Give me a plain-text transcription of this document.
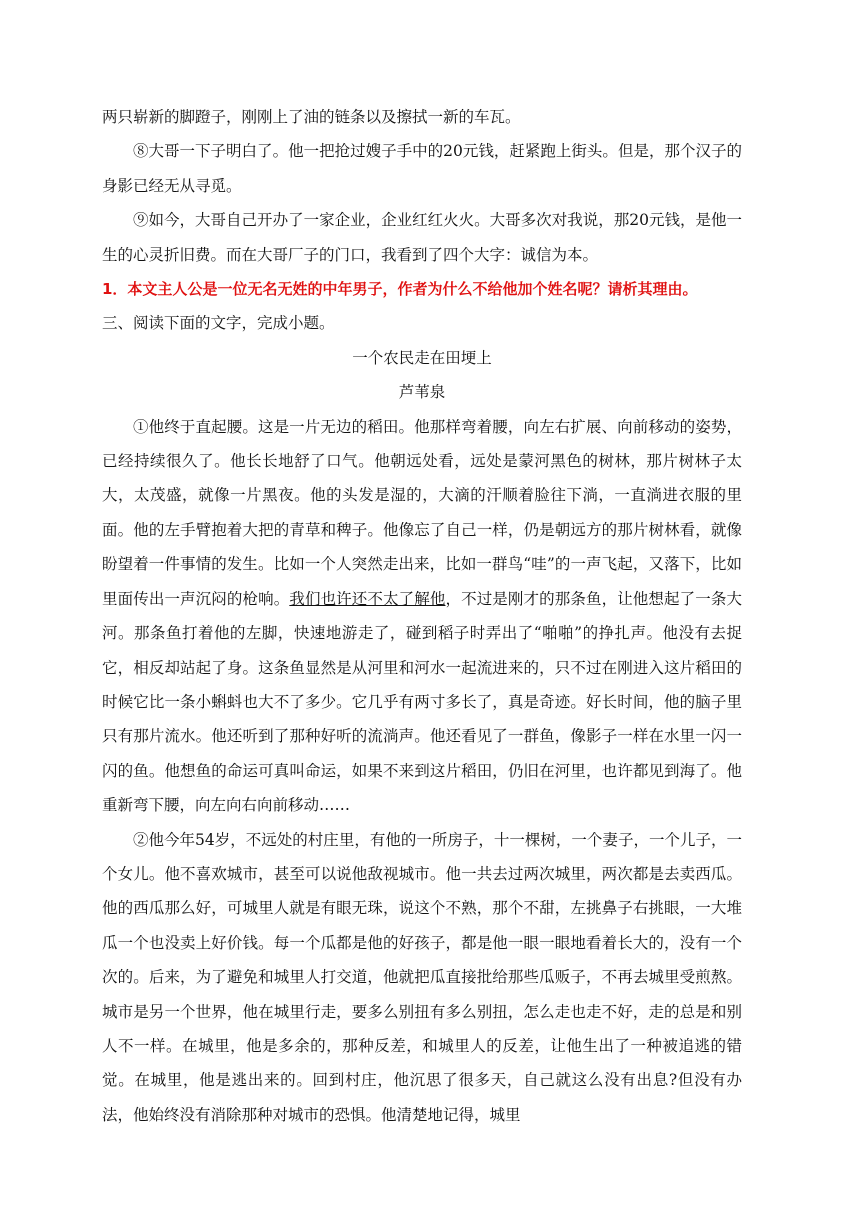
两只崭新的脚蹬子，刚刚上了油的链条以及擦拭一新的车瓦。

⑧大哥一下子明白了。他一把抢过嫂子手中的20元钱，赶紧跑上街头。但是，那个汉子的身影已经无从寻觅。

⑨如今，大哥自己开办了一家企业，企业红红火火。大哥多次对我说，那20元钱，是他一生的心灵折旧费。而在大哥厂子的门口，我看到了四个大字：诚信为本。

1．本文主人公是一位无名无姓的中年男子，作者为什么不给他加个姓名呢？请析其理由。

三、阅读下面的文字，完成小题。

一个农民走在田埂上

芦苇泉

①他终于直起腰。这是一片无边的稻田。他那样弯着腰，向左右扩展、向前移动的姿势，已经持续很久了。他长长地舒了口气。他朝远处看，远处是蒙河黑色的树林，那片树林子太大，太茂盛，就像一片黑夜。他的头发是湿的，大滴的汗顺着脸往下淌，一直淌进衣服的里面。他的左手臂抱着大把的青草和稗子。他像忘了自己一样，仍是朝远方的那片树林看，就像盼望着一件事情的发生。比如一个人突然走出来，比如一群鸟“哇”的一声飞起，又落下，比如里面传出一声沉闷的枪响。我们也许还不太了解他，不过是刚才的那条鱼，让他想起了一条大河。那条鱼打着他的左脚，快速地游走了，碰到稻子时弄出了“啪啪”的挣扎声。他没有去捉它，相反却站起了身。这条鱼显然是从河里和河水一起流进来的，只不过在刚进入这片稻田的时候它比一条小蝌蚪也大不了多少。它几乎有两寸多长了，真是奇迹。好长时间，他的脑子里只有那片流水。他还听到了那种好听的流淌声。他还看见了一群鱼，像影子一样在水里一闪一闪的鱼。他想鱼的命运可真叫命运，如果不来到这片稻田，仍旧在河里，也许都见到海了。他重新弯下腰，向左向右向前移动……

②他今年54岁，不远处的村庄里，有他的一所房子，十一棵树，一个妻子，一个儿子，一个女儿。他不喜欢城市，甚至可以说他敌视城市。他一共去过两次城里，两次都是去卖西瓜。他的西瓜那么好，可城里人就是有眼无珠，说这个不熟，那个不甜，左挑鼻子右挑眼，一大堆瓜一个也没卖上好价钱。每一个瓜都是他的好孩子，都是他一眼一眼地看着长大的，没有一个次的。后来，为了避免和城里人打交道，他就把瓜直接批给那些瓜贩子，不再去城里受煎熬。城市是另一个世界，他在城里行走，要多么别扭有多么别扭，怎么走也走不好，走的总是和别人不一样。在城里，他是多余的，那种反差，和城里人的反差，让他生出了一种被追逃的错觉。在城里，他是逃出来的。回到村庄，他沉思了很多天，自己就这么没有出息?但没有办法，他始终没有消除那种对城市的恐惧。他清楚地记得，城里
